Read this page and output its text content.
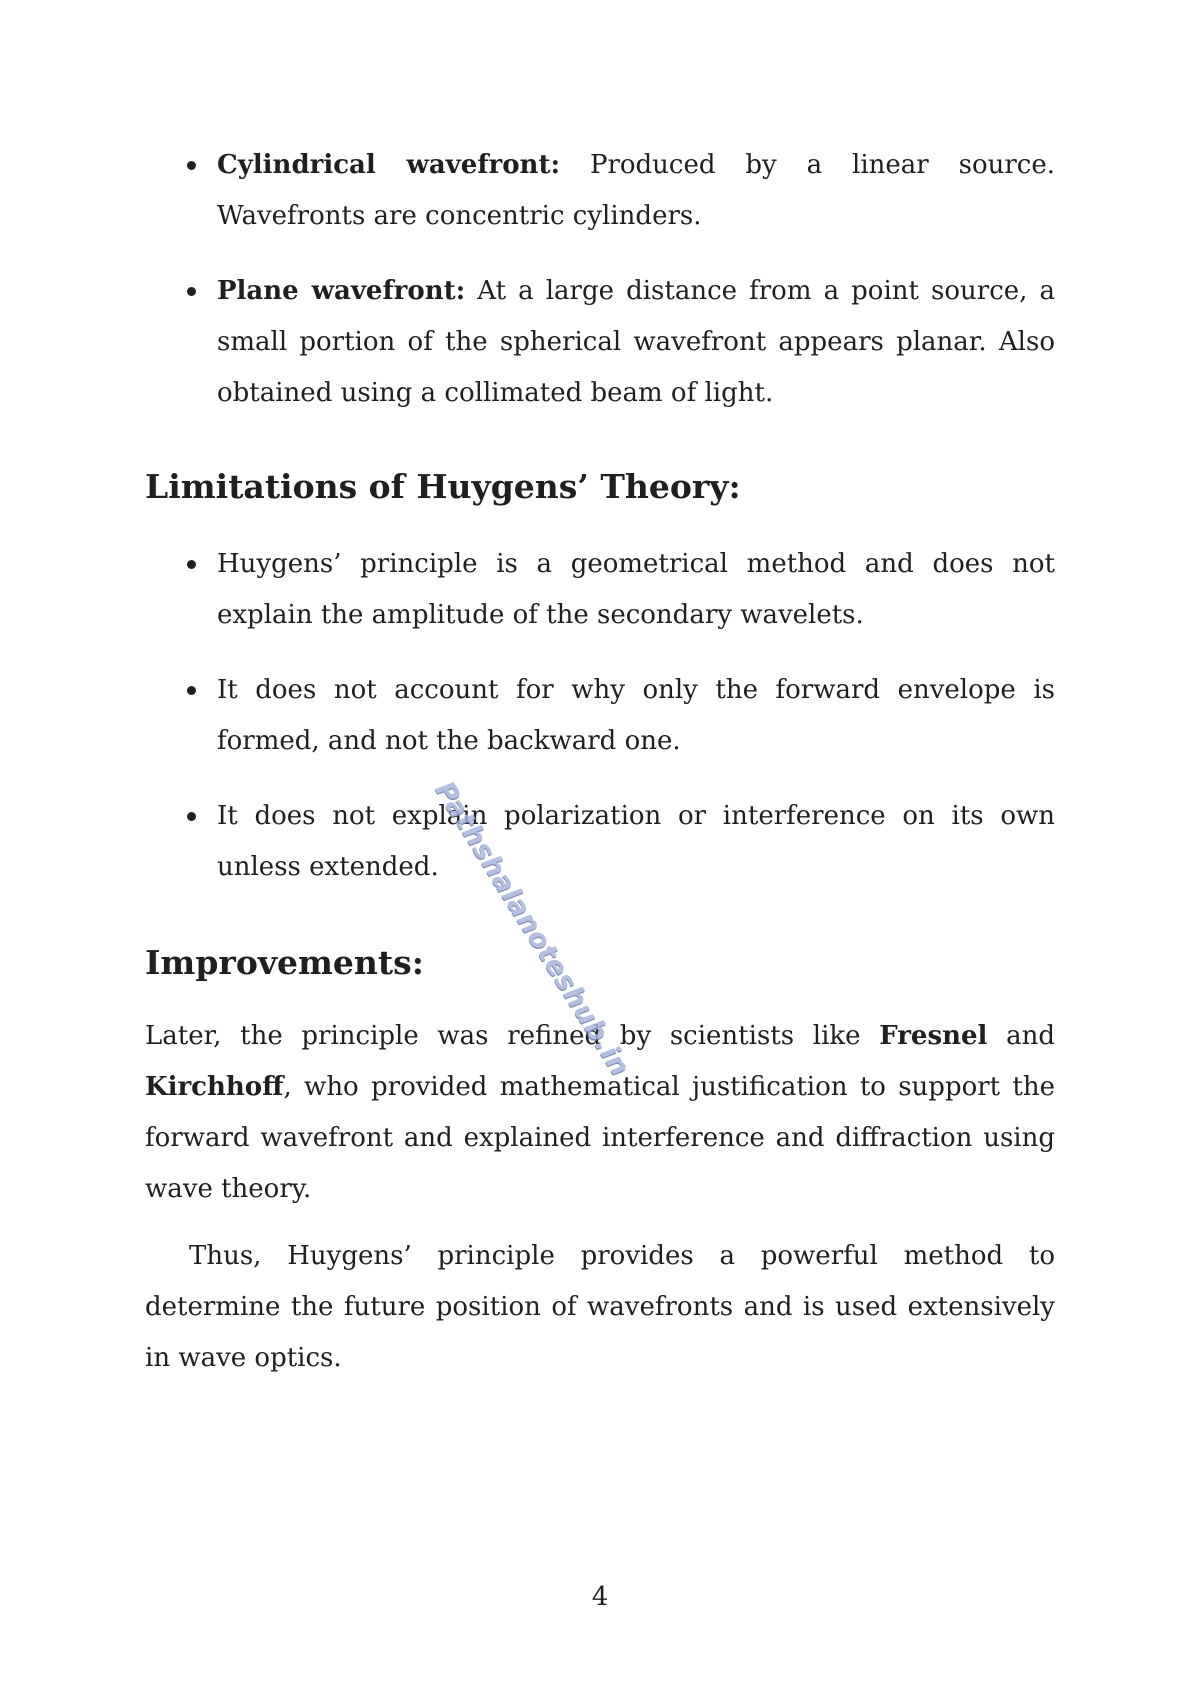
Cylindrical wavefront: Produced by a linear source. Wavefronts are concentric cylinders.
Plane wavefront: At a large distance from a point source, a small portion of the spherical wavefront appears planar. Also obtained using a collimated beam of light.
Limitations of Huygens’ Theory:
Huygens’ principle is a geometrical method and does not explain the amplitude of the secondary wavelets.
It does not account for why only the forward envelope is formed, and not the backward one.
It does not explain polarization or interference on its own unless extended.
Improvements:

Later, the principle was refined by scientists like Fresnel and Kirchhoff, who provided mathematical justification to support the forward wavefront and explained interference and diffraction using wave theory.

Thus, Huygens’ principle provides a powerful method to determine the future position of wavefronts and is used extensively in wave optics.

Pathshalanoteshub.in
4
